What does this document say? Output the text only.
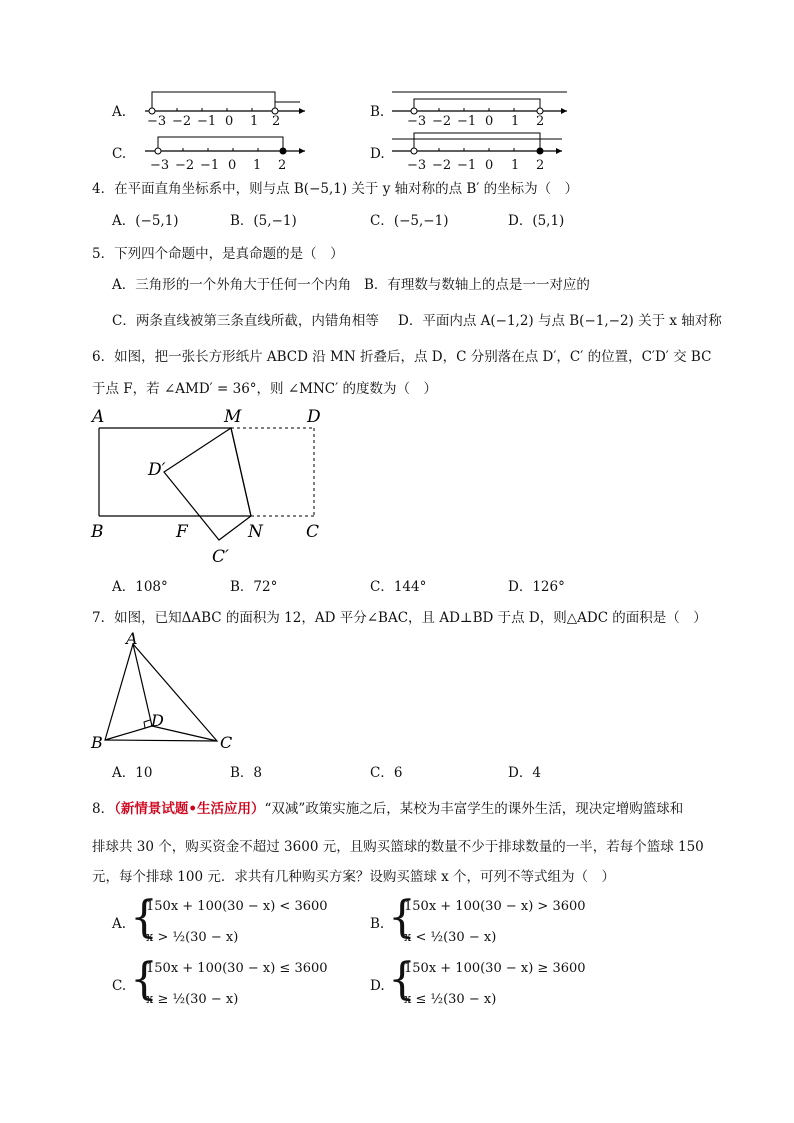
A.
−3 −2 −1 0 1 2
B.
−3 −2 −1 0 1 2
C.
−3 −2 −1 0 1 2
D.
−3 −2 −1 0 1 2
4．在平面直角坐标系中，则与点 B(−5,1) 关于 y 轴对称的点 B′ 的坐标为（　）
A．(−5,1)	B．(5,−1)	C．(−5,−1)	D．(5,1)
5．下列四个命题中，是真命题的是（　）
A．三角形的一个外角大于任何一个内角 B．有理数与数轴上的点是一一对应的
C．两条直线被第三条直线所截，内错角相等 D．平面内点 A(−1,2) 与点 B(−1,−2) 关于 x 轴对称
6．如图，把一张长方形纸片 ABCD 沿 MN 折叠后，点 D，C 分别落在点 D′，C′ 的位置，C′D′ 交 BC
于点 F，若 ∠AMD′ = 36°，则 ∠MNC′ 的度数为（　）
A	M	D
D′
B	F	N	C
C′
A．108°	B．72°	C．144°	D．126°
7．如图，已知ΔABC 的面积为 12，AD 平分∠BAC，且 AD⊥BD 于点 D，则△ADC 的面积是（　）
A
B	C
D
A．10	B．8	C．6	D．4
8．（新情景试题•生活应用）“双减”政策实施之后，某校为丰富学生的课外生活，现决定增购篮球和
排球共 30 个，购买资金不超过 3600 元，且购买篮球的数量不少于排球数量的一半，若每个篮球 150
元，每个排球 100 元．求共有几种购买方案？设购买篮球 x 个，可列不等式组为（　）
A. {
150x + 100(30 − x) < 3600
x > ½(30 − x)
B. {
150x + 100(30 − x) > 3600
x < ½(30 − x)
C. {
150x + 100(30 − x) ≤ 3600
x ≥ ½(30 − x)
D. {
150x + 100(30 − x) ≥ 3600
x ≤ ½(30 − x)
